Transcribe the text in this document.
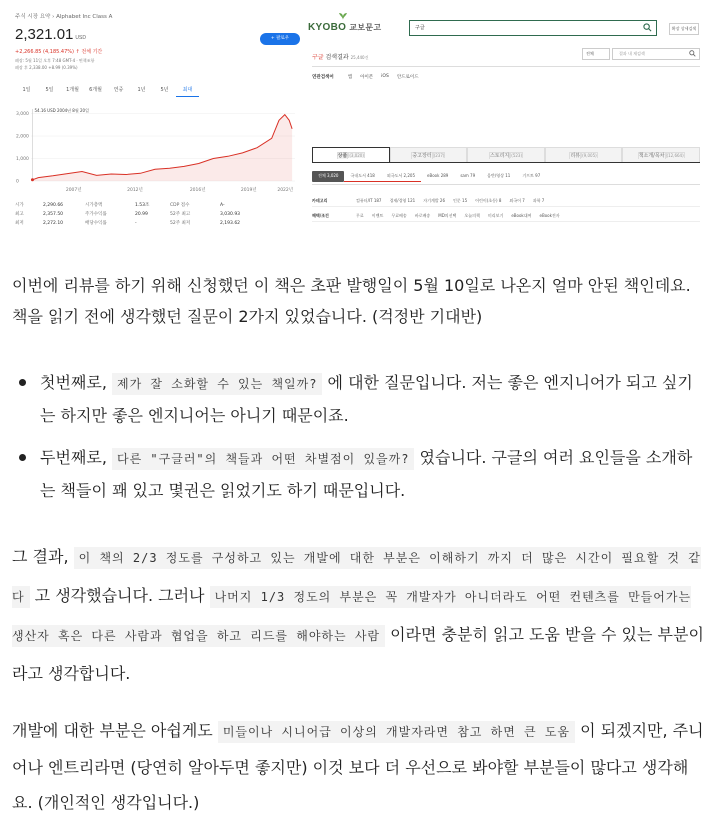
주식 시장 요약 › Alphabet Inc Class A
2,321.01 USD
+2,266.85 (4,185.47%) ↑ 전체 기간
폐장: 5월 11일 오후 7:48 GMT-4 · 면책조항
폐장 후 2,338.00 +8.99 (0.39%)
+ 팔로우
1일	5일	1개월	6개월	연중	1년	5년	최대
3,000
2,000
1,000
0
2007년	2012년	2016년	2019년	2022년
54.16 USD 2004년 8월 20일
시가	2,290.66	시가총액	1.53조	CDP 점수	A-
최고	2,357.50	주가수익률	20.99	52주 최고	3,030.93
최저	2,272.10	배당수익률	-	52주 최저	2,193.62
KYOBO 교보문고	구글	확장 상세검색
구글 검색결과 25,440건
전체	결과 내 재검색
연관검색어	앱 아이폰 iOS 안드로이드
상품 (3,020)	중고장터 (237)	스토리지 (523)	리뷰 (9,005)	책소개/목차 (12,664)
전체 3,020	국내도서 418	외국도서 2,205	eBook 289	sam 79	음반/영상 11	기프트 97
카테고리	컴퓨터/IT 187 경제/경영 121 자기계발 26 인문 15 어린이(초등) 8 외국어 7 과학 7
혜택/조건	무료 이벤트 무료배송 바로배송 MD의선택 오늘의책 미리보기 eBook대여 eBook전자

이번에 리뷰를 하기 위해 신청했던 이 책은 초판 발행일이 5월 10일로 나온지 얼마 안된 책인데요. 책을 읽기 전에 생각했던 질문이 2가지 있었습니다. (걱정반 기대반)

첫번째로, 제가 잘 소화할 수 있는 책일까? 에 대한 질문입니다. 저는 좋은 엔지니어가 되고 싶기는 하지만 좋은 엔지니어는 아니기 때문이죠.
두번째로, 다른 "구글러"의 책들과 어떤 차별점이 있을까? 였습니다. 구글의 여러 요인들을 소개하는 책들이 꽤 있고 몇권은 읽었기도 하기 때문입니다.

그 결과, 이 책의 2/3 정도를 구성하고 있는 개발에 대한 부분은 이해하기 까지 더 많은 시간이 필요할 것 같다 고 생각했습니다. 그러나 나머지 1/3 정도의 부분은 꼭 개발자가 아니더라도 어떤 컨텐츠를 만들어가는 생산자 혹은 다른 사람과 협업을 하고 리드를 해야하는 사람 이라면 충분히 읽고 도움 받을 수 있는 부분이라고 생각합니다.

개발에 대한 부분은 아쉽게도 미들이나 시니어급 이상의 개발자라면 참고 하면 큰 도움 이 되겠지만, 주니어나 엔트리라면 (당연히 알아두면 좋지만) 이것 보다 더 우선으로 봐야할 부분들이 많다고 생각해요. (개인적인 생각입니다.)
